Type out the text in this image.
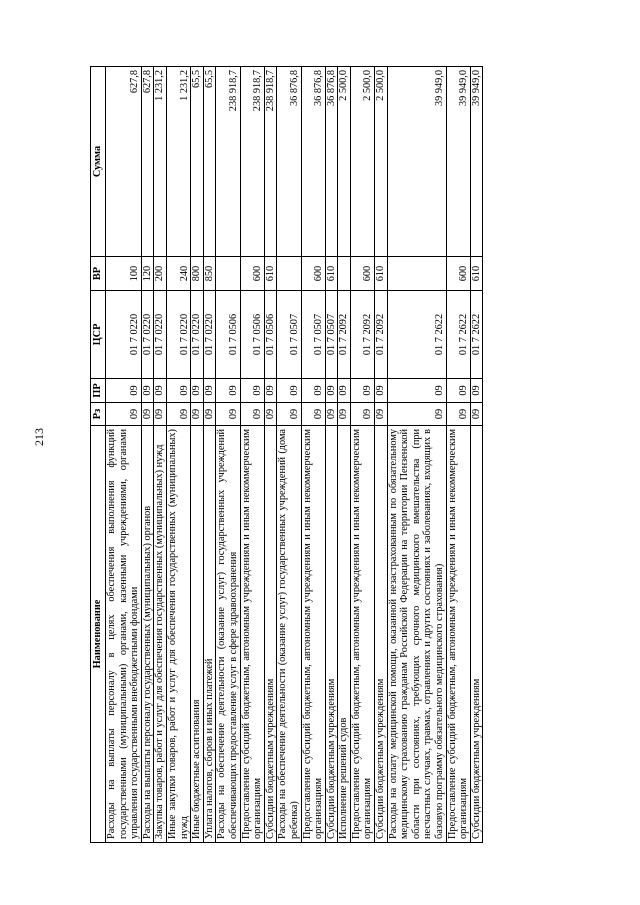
213
Наименование	Рз	ПР	ЦСР	ВР	Сумма
Расходы на выплаты персоналу в целях обеспечения выполнения функций государственными (муниципальными) органами, казенными учреждениями, органами управления государственными внебюджетными фондами	09	09	01 7 0220	100	627,8
Расходы на выплаты персоналу государственных (муниципальных) органов	09	09	01 7 0220	120	627,8
Закупка товаров, работ и услуг для обеспечения государственных (муниципальных) нужд	09	09	01 7 0220	200	1 231,2
Иные закупки товаров, работ и услуг для обеспечения государственных (муниципальных) нужд	09	09	01 7 0220	240	1 231,2
Иные бюджетные ассигнования	09	09	01 7 0220	800	65,5
Уплата налогов, сборов и иных платежей	09	09	01 7 0220	850	65,5
Расходы на обеспечение деятельности (оказание услуг) государственных учреждений обеспечивающих предоставление услуг в сфере здравоохранения	09	09	01 7 0506		238 918,7
Предоставление субсидий бюджетным, автономным учреждениям и иным некоммерческим организациям	09	09	01 7 0506	600	238 918,7
Субсидии бюджетным учреждениям	09	09	01 7 0506	610	238 918,7
Расходы на обеспечение деятельности (оказание услуг) государственных учреждений (дома ребенка)	09	09	01 7 0507		36 876,8
Предоставление субсидий бюджетным, автономным учреждениям и иным некоммерческим организациям	09	09	01 7 0507	600	36 876,8
Субсидии бюджетным учреждениям	09	09	01 7 0507	610	36 876,8
Исполнение решений судов	09	09	01 7 2092		2 500,0
Предоставление субсидий бюджетным, автономным учреждениям и иным некоммерческим организациям	09	09	01 7 2092	600	2 500,0
Субсидии бюджетным учреждениям	09	09	01 7 2092	610	2 500,0
Расходы на оплату медицинской помощи, оказанной незастрахованным по обязательному медицинскому страхованию гражданам Российской Федерации на территории Пензенской области при состояниях, требующих срочного медицинского вмешательства (при несчастных случаях, травмах, отравлениях и других состояниях и заболеваниях, входящих в базовую программу обязательного медицинского страхования)	09	09	01 7 2622		39 949,0
Предоставление субсидий бюджетным, автономным учреждениям и иным некоммерческим организациям	09	09	01 7 2622	600	39 949,0
Субсидии бюджетным учреждениям	09	09	01 7 2622	610	39 949,0
